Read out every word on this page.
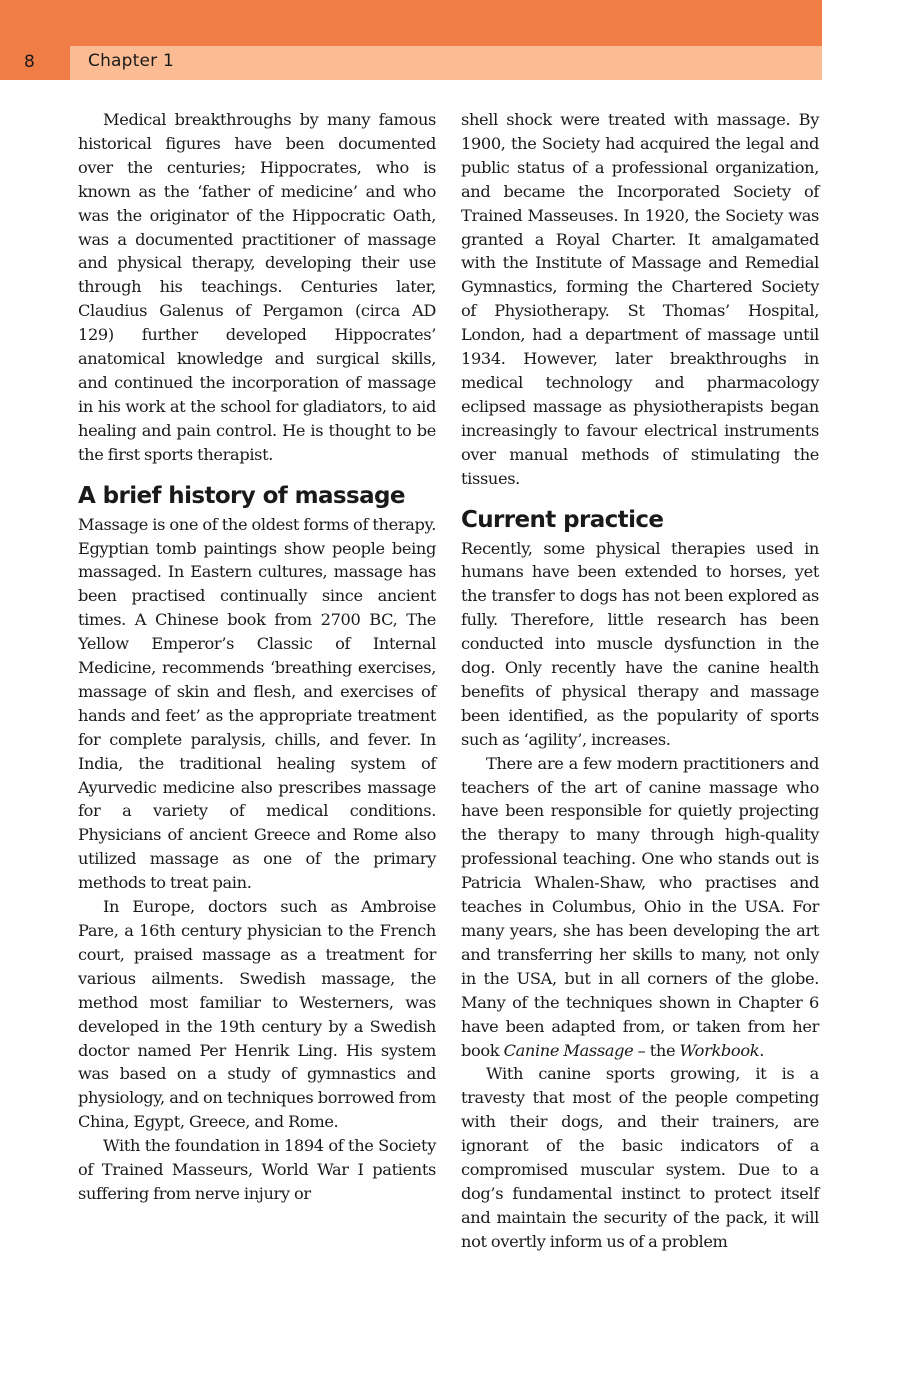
8	Chapter 1

Medical breakthroughs by many famous historical figures have been documented over the centuries; Hippocrates, who is known as the ‘father of medicine’ and who was the originator of the Hippocratic Oath, was a documented practitioner of massage and physical therapy, developing their use through his teachings. Centuries later, Claudius Galenus of Pergamon (circa AD 129) further developed Hippocrates’ anatomical knowledge and surgical skills, and continued the incorporation of massage in his work at the school for gladiators, to aid healing and pain control. He is thought to be the first sports therapist.

A brief history of massage

Massage is one of the oldest forms of therapy. Egyptian tomb paintings show people being massaged. In Eastern cultures, massage has been practised continually since ancient times. A Chinese book from 2700 BC, The Yellow Emperor’s Classic of Internal Medicine, recommends ‘breathing exercises, massage of skin and flesh, and exercises of hands and feet’ as the appropriate treatment for complete paralysis, chills, and fever. In India, the traditional healing system of Ayurvedic medicine also prescribes massage for a variety of medical conditions. Physicians of ancient Greece and Rome also utilized massage as one of the primary methods to treat pain.

In Europe, doctors such as Ambroise Pare, a 16th century physician to the French court, praised massage as a treatment for various ailments. Swedish massage, the method most familiar to Westerners, was developed in the 19th century by a Swedish doctor named Per Henrik Ling. His system was based on a study of gymnastics and physiology, and on techniques borrowed from China, Egypt, Greece, and Rome.

With the foundation in 1894 of the Society of Trained Masseurs, World War I patients suffering from nerve injury or

shell shock were treated with massage. By 1900, the Society had acquired the legal and public status of a professional organization, and became the Incorporated Society of Trained Masseuses. In 1920, the Society was granted a Royal Charter. It amalgamated with the Institute of Massage and Remedial Gymnastics, forming the Chartered Society of Physiotherapy. St Thomas’ Hospital, London, had a department of massage until 1934. However, later breakthroughs in medical technology and pharmacology eclipsed massage as physiotherapists began increasingly to favour electrical instruments over manual methods of stimulating the tissues.

Current practice

Recently, some physical therapies used in humans have been extended to horses, yet the transfer to dogs has not been explored as fully. Therefore, little research has been conducted into muscle dysfunction in the dog. Only recently have the canine health benefits of physical therapy and massage been identified, as the popularity of sports such as ‘agility’, increases.

There are a few modern practitioners and teachers of the art of canine massage who have been responsible for quietly projecting the therapy to many through high-quality professional teaching. One who stands out is Patricia Whalen-Shaw, who practises and teaches in Columbus, Ohio in the USA. For many years, she has been developing the art and transferring her skills to many, not only in the USA, but in all corners of the globe. Many of the techniques shown in Chapter 6 have been adapted from, or taken from her book Canine Massage – the Workbook.

With canine sports growing, it is a travesty that most of the people competing with their dogs, and their trainers, are ignorant of the basic indicators of a compromised muscular system. Due to a dog’s fundamental instinct to protect itself and maintain the security of the pack, it will not overtly inform us of a problem
